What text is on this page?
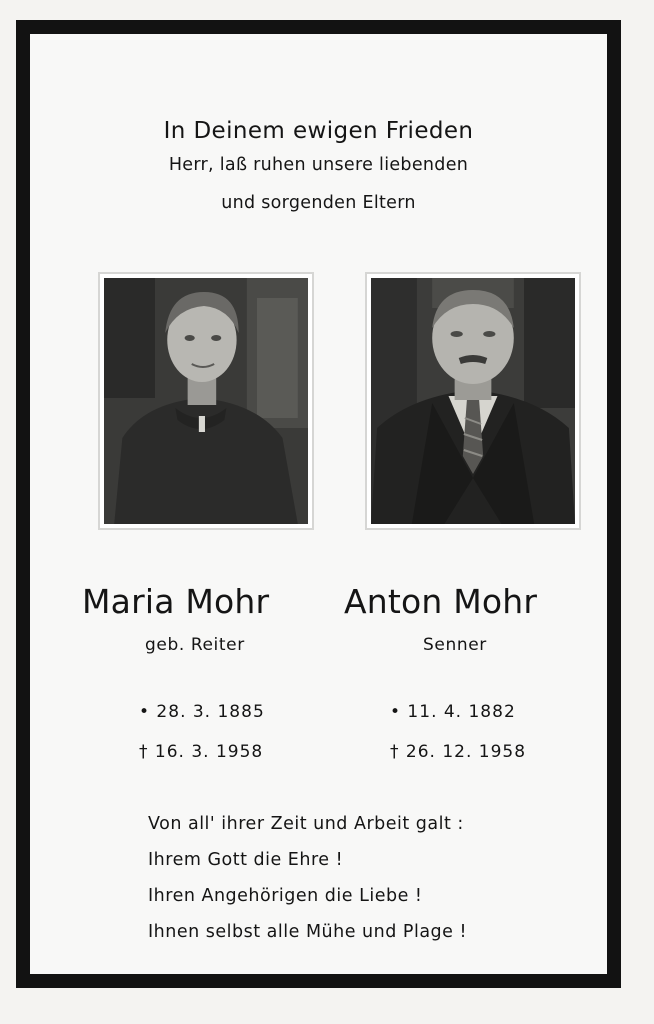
In Deinem ewigen Frieden
Herr, laß ruhen unsere liebenden
und sorgenden Eltern
Maria Mohr Anton Mohr
geb. Reiter	Senner
• 28. 3. 1885
† 16. 3. 1958
• 11. 4. 1882
† 26. 12. 1958
Von all' ihrer Zeit und Arbeit galt :
Ihrem Gott die Ehre !
Ihren Angehörigen die Liebe !
Ihnen selbst alle Mühe und Plage !
